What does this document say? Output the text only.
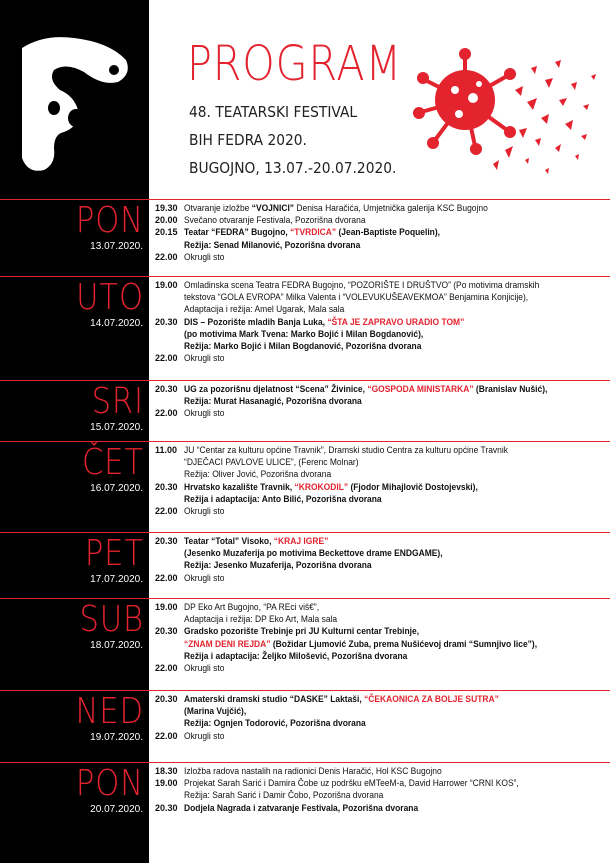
PROGRAM
48. TEATARSKI FESTIVAL
BIH FEDRA 2020.
BUGOJNO, 13.07.-20.07.2020.
PON
13.07.2020.
19.30 Otvaranje izložbe “VOJNICI” Denisa Haračića, Umjetnička galerija KSC Bugojno
20.00 Svečano otvaranje Festivala, Pozorišna dvorana
20.15 Teatar “FEDRA” Bugojno, “TVRDICA” (Jean-Baptiste Poquelin),
Režija: Senad Milanović, Pozorišna dvorana
22.00 Okrugli sto
UTO
14.07.2020.
19.00 Omladinska scena Teatra FEDRA Bugojno, “POZORIŠTE I DRUŠTVO” (Po motivima dramskih
tekstova “GOLA EVROPA” Milka Valenta i “VOLEVUKUŠEAVEKMOA” Benjamina Konjicije),
Adaptacija i režija: Amel Ugarak, Mala sala
20.30 DIS – Pozorište mladih Banja Luka, “ŠTA JE ZAPRAVO URADIO TOM”
(po motivima Mark Tvena: Marko Bojić i Milan Bogdanović),
Režija: Marko Bojić i Milan Bogdanović, Pozorišna dvorana
22.00 Okrugli sto
SRI
15.07.2020.
20.30 UG za pozorišnu djelatnost “Scena” Živinice, “GOSPODA MINISTARKA” (Branislav Nušić),
Režija: Murat Hasanagić, Pozorišna dvorana
22.00 Okrugli sto
ČET
16.07.2020.
11.00 JU “Centar za kulturu općine Travnik”, Dramski studio Centra za kulturu općine Travnik
“DJEČACI PAVLOVE ULICE”, (Ferenc Molnar)
Režija: Oliver Jović, Pozorišna dvorana
20.30 Hrvatsko kazalište Travnik, “KROKODIL” (Fjodor Mihajlovič Dostojevski),
Režija i adaptacija: Anto Bilić, Pozorišna dvorana
22.00 Okrugli sto
PET
17.07.2020.
20.30 Teatar “Total” Visoko, “KRAJ IGRE”
(Jesenko Muzaferija po motivima Beckettove drame ENDGAME),
Režija: Jesenko Muzaferija, Pozorišna dvorana
22.00 Okrugli sto
SUB
18.07.2020.
19.00 DP Eko Art Bugojno, “PA REci viš€”,
Adaptacija i režija: DP Eko Art, Mala sala
20.30 Gradsko pozorište Trebinje pri JU Kulturni centar Trebinje,
“ZNAM DENI REJDA” (Božidar Ljumović Zuba, prema Nušićevoj drami “Sumnjivo lice”),
Režija i adaptacija: Željko Milošević, Pozorišna dvorana
22.00 Okrugli sto
NED
19.07.2020.
20.30 Amaterski dramski studio “DASKE” Laktaši, “ČEKAONICA ZA BOLJE SUTRA”
(Marina Vujčić),
Režija: Ognjen Todorović, Pozorišna dvorana
22.00 Okrugli sto
PON
20.07.2020.
18.30 Izložba radova nastalih na radionici Denis Haračić, Hol KSC Bugojno
19.00 Projekat Sarah Sarić i Damira Čobe uz podršku eMTeeM-a, David Harrower “CRNI KOS”,
Režija: Sarah Sarić i Damir Čobo, Pozorišna dvorana
20.30 Dodjela Nagrada i zatvaranje Festivala, Pozorišna dvorana
